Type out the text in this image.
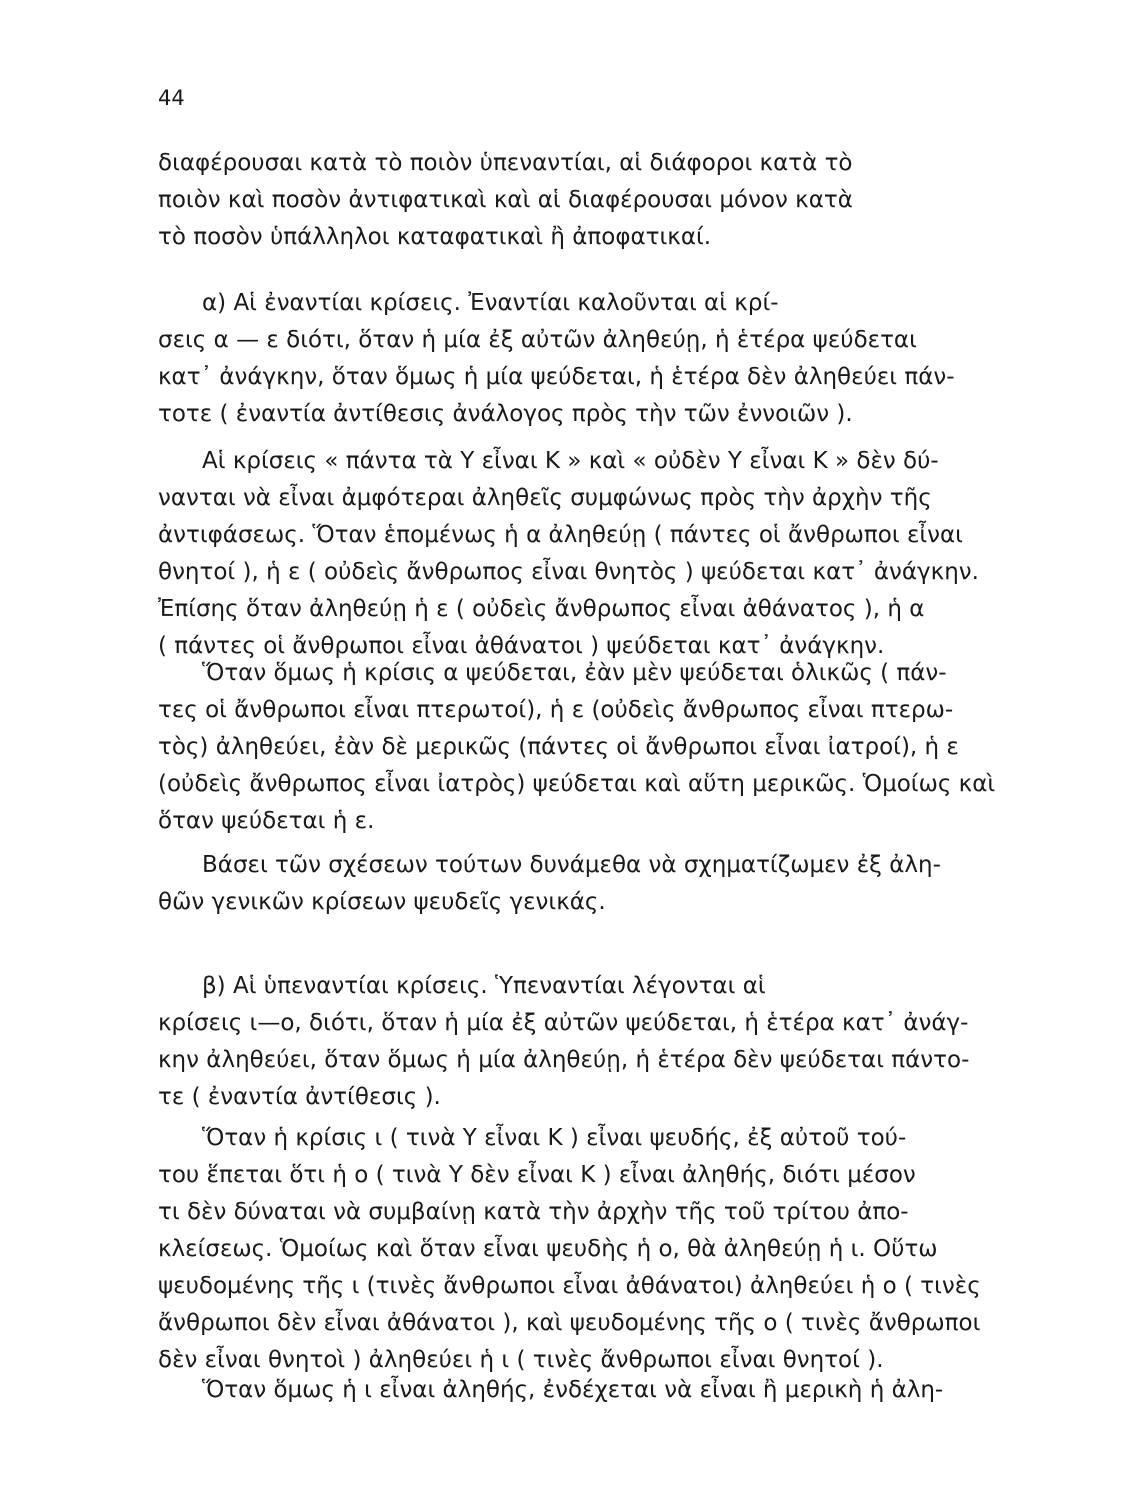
44
διαφέρουσαι κατὰ τὸ ποιὸν ὑπεναντίαι, αἱ διάφοροι κατὰ τὸ
ποιὸν καὶ ποσὸν ἀντιφατικαὶ καὶ αἱ διαφέρουσαι μόνον κατὰ
τὸ ποσὸν ὑπάλληλοι καταφατικαὶ ἢ ἀποφατικαί.
α) Αἱ ἐναντίαι κρίσεις. Ἐναντίαι καλοῦνται αἱ κρί-
σεις α — ε διότι, ὅταν ἡ μία ἐξ αὐτῶν ἀληθεύῃ, ἡ ἑτέρα ψεύδεται
κατ᾽ ἀνάγκην, ὅταν ὅμως ἡ μία ψεύδεται, ἡ ἑτέρα δὲν ἀληθεύει πάν-
τοτε ( ἐναντία ἀντίθεσις ἀνάλογος πρὸς τὴν τῶν ἐννοιῶν ).
Αἱ κρίσεις « πάντα τὰ Y εἶναι K » καὶ « οὐδὲν Y εἶναι K » δὲν δύ-
νανται νὰ εἶναι ἀμφότεραι ἀληθεῖς συμφώνως πρὸς τὴν ἀρχὴν τῆς
ἀντιφάσεως. Ὅταν ἑπομένως ἡ α ἀληθεύῃ ( πάντες οἱ ἄνθρωποι εἶναι
θνητοί ), ἡ ε ( οὐδεὶς ἄνθρωπος εἶναι θνητὸς ) ψεύδεται κατ᾽ ἀνάγκην.
Ἐπίσης ὅταν ἀληθεύῃ ἡ ε ( οὐδεὶς ἄνθρωπος εἶναι ἀθάνατος ), ἡ α
( πάντες οἱ ἄνθρωποι εἶναι ἀθάνατοι ) ψεύδεται κατ᾽ ἀνάγκην.
Ὅταν ὅμως ἡ κρίσις α ψεύδεται, ἐὰν μὲν ψεύδεται ὁλικῶς ( πάν-
τες οἱ ἄνθρωποι εἶναι πτερωτοί), ἡ ε (οὐδεὶς ἄνθρωπος εἶναι πτερω-
τὸς) ἀληθεύει, ἐὰν δὲ μερικῶς (πάντες οἱ ἄνθρωποι εἶναι ἰατροί), ἡ ε
(οὐδεὶς ἄνθρωπος εἶναι ἰατρὸς) ψεύδεται καὶ αὕτη μερικῶς. Ὁμοίως καὶ
ὅταν ψεύδεται ἡ ε.
Βάσει τῶν σχέσεων τούτων δυνάμεθα νὰ σχηματίζωμεν ἐξ ἀλη-
θῶν γενικῶν κρίσεων ψευδεῖς γενικάς.
β) Αἱ ὑπεναντίαι κρίσεις. Ὑπεναντίαι λέγονται αἱ
κρίσεις ι—ο, διότι, ὅταν ἡ μία ἐξ αὐτῶν ψεύδεται, ἡ ἑτέρα κατ᾽ ἀνάγ-
κην ἀληθεύει, ὅταν ὅμως ἡ μία ἀληθεύῃ, ἡ ἑτέρα δὲν ψεύδεται πάντο-
τε ( ἐναντία ἀντίθεσις ).
Ὅταν ἡ κρίσις ι ( τινὰ Y εἶναι K ) εἶναι ψευδής, ἐξ αὐτοῦ τού-
του ἕπεται ὅτι ἡ ο ( τινὰ Y δὲν εἶναι K ) εἶναι ἀληθής, διότι μέσον
τι δὲν δύναται νὰ συμβαίνῃ κατὰ τὴν ἀρχὴν τῆς τοῦ τρίτου ἀπο-
κλείσεως. Ὁμοίως καὶ ὅταν εἶναι ψευδὴς ἡ ο, θὰ ἀληθεύῃ ἡ ι. Οὕτω
ψευδομένης τῆς ι (τινὲς ἄνθρωποι εἶναι ἀθάνατοι) ἀληθεύει ἡ ο ( τινὲς
ἄνθρωποι δὲν εἶναι ἀθάνατοι ), καὶ ψευδομένης τῆς ο ( τινὲς ἄνθρωποι
δὲν εἶναι θνητοὶ ) ἀληθεύει ἡ ι ( τινὲς ἄνθρωποι εἶναι θνητοί ).
Ὅταν ὅμως ἡ ι εἶναι ἀληθής, ἐνδέχεται νὰ εἶναι ἢ μερικὴ ἡ ἀλη-
